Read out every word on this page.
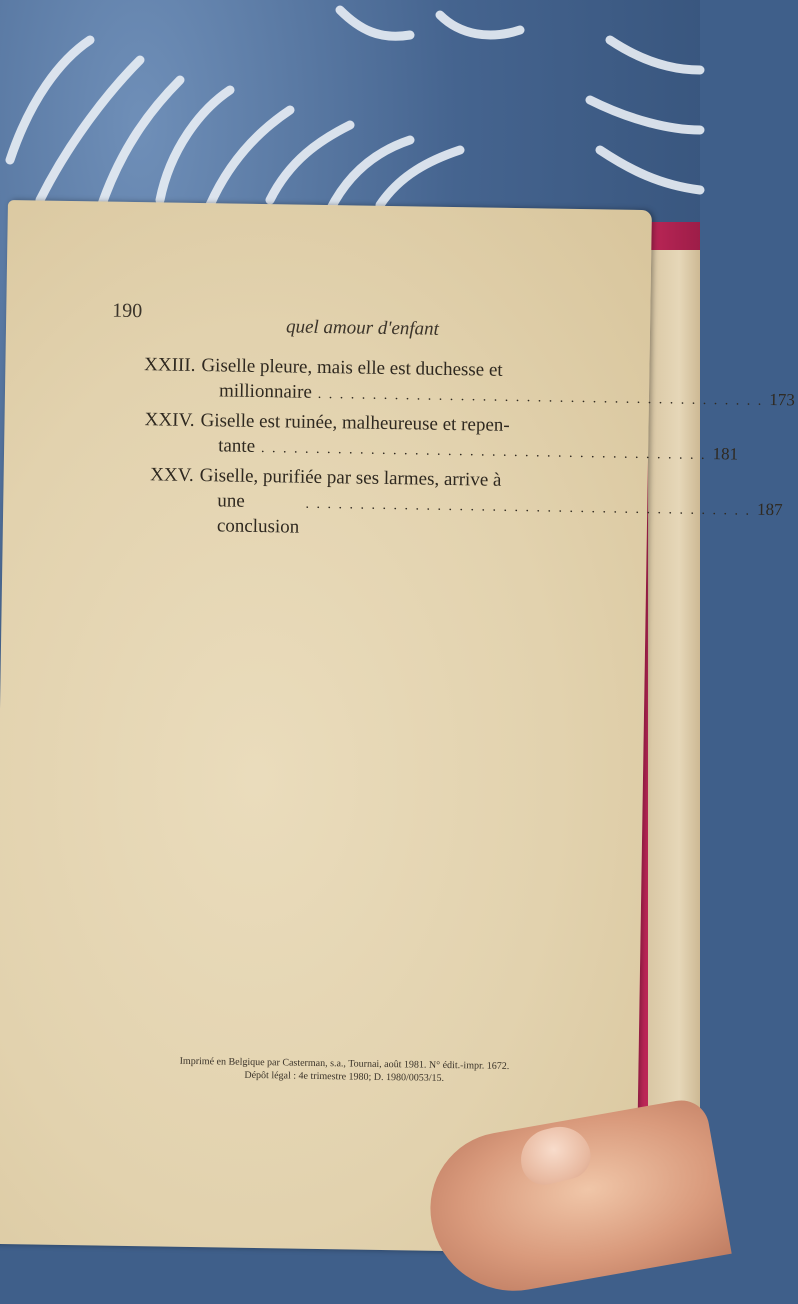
190
quel amour d'enfant
XXIII. Giselle pleure, mais elle est duchesse et
millionnaire . . . . . . . . . . . . . . . . . . . . . . . . . . . . . . . . . . . . . . . . . 173
XXIV. Giselle est ruinée, malheureuse et repen-
tante . . . . . . . . . . . . . . . . . . . . . . . . . . . . . . . . . . . . . . . . . 181
XXV. Giselle, purifiée par ses larmes, arrive à
une conclusion
. . . . . . . . . . . . . . . . . . . . . . . . . . . . . . . . . . . . . . . . . 187
Imprimé en Belgique par Casterman, s.a., Tournai, août 1981. N° édit.-impr. 1672.
Dépôt légal : 4e trimestre 1980; D. 1980/0053/15.
